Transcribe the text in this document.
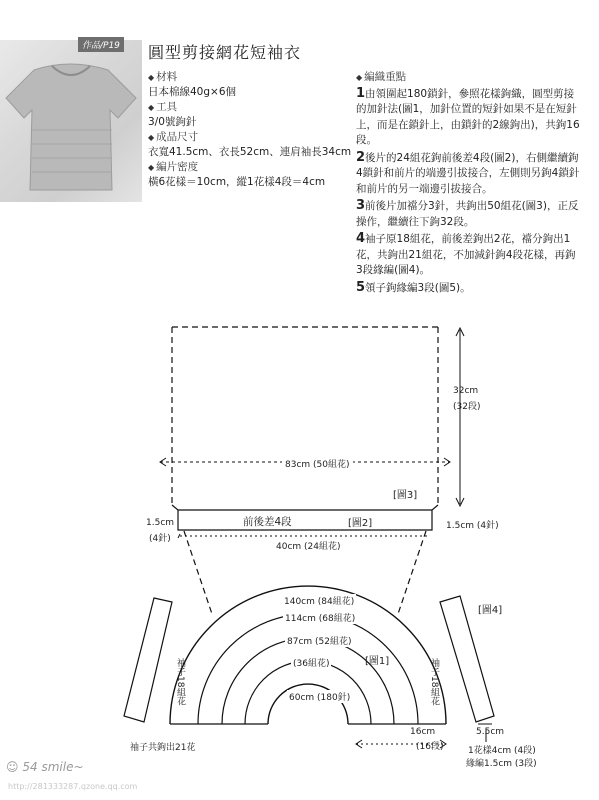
作品/P19 圓型剪接網花短袖衣
◆ 材料
日本棉線40g×6個
◆ 工具
3/0號鉤針
◆ 成品尺寸
衣寬41.5cm、衣長52cm、連肩袖長34cm
◆ 編片密度
橫6花樣＝10cm，縱1花樣4段＝4cm
◆ 編織重點
1由領圍起180鎖針，參照花樣鉤織，圓型剪接的加針法(圖1，加針位置的短針如果不是在短針上，而是在鎖針上，由鎖針的2線鉤出)，共鉤16段。
2後片的24組花鉤前後差4段(圖2)，右側繼續鉤4鎖針和前片的端邊引拔接合，左側則另鉤4鎖針和前片的另一端邊引拔接合。
3前後片加襠分3針，共鉤出50組花(圖3)，正反操作，繼續往下鉤32段。
4袖子原18組花，前後差鉤出2花，襠分鉤出1花，共鉤出21組花，不加減針鉤4段花樣，再鉤3段緣編(圖4)。
5領子鉤緣編3段(圖5)。
32cm
(32段)
83cm (50組花)
[圖3]
前後差4段	[圖2]
1.5cm
(4針)
1.5cm (4針)
40cm (24組花)
140cm (84組花)
114cm (68組花)
87cm (52組花)
(36組花)
60cm (180針)
[圖1]
[圖4]
袖子18組花	袖子18組花
16cm
(16段)
袖子共鉤出21花
5.5cm
1花樣4cm (4段)
緣編1.5cm (3段)
☺ 54 smile~
http://281333287.qzone.qq.com
